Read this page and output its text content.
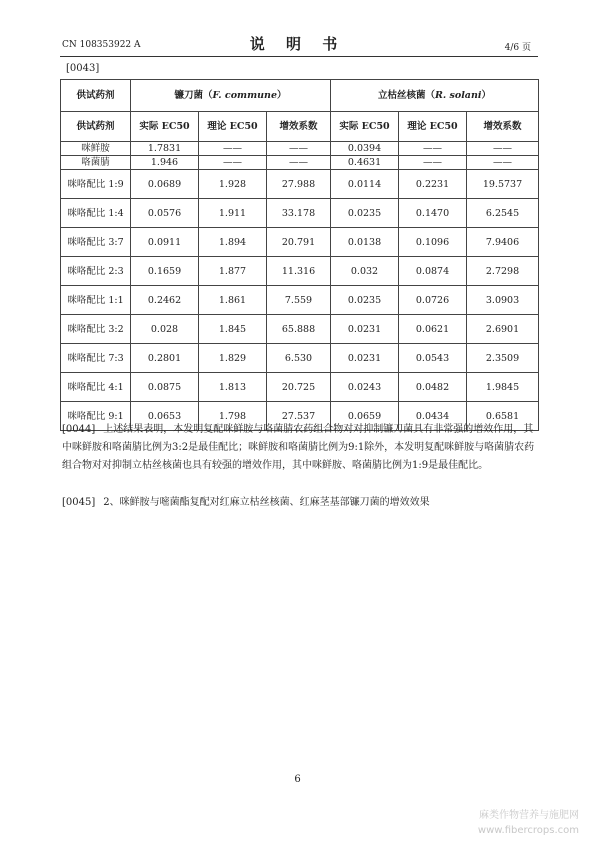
CN 108353922 A	说 明 书	4/6 页
[0043]
供试药剂	镰刀菌（F. commune）			立枯丝核菌（R. solani）		
供试药剂	实际 EC50	理论 EC50	增效系数	实际 EC50	理论 EC50	增效系数
咪鲜胺	1.7831	——	——	0.0394	——	——
咯菌腈	1.946	——	——	0.4631	——	——
咪咯配比 1:9	0.0689	1.928	27.988	0.0114	0.2231	19.5737
咪咯配比 1:4	0.0576	1.911	33.178	0.0235	0.1470	6.2545
咪咯配比 3:7	0.0911	1.894	20.791	0.0138	0.1096	7.9406
咪咯配比 2:3	0.1659	1.877	11.316	0.032	0.0874	2.7298
咪咯配比 1:1	0.2462	1.861	7.559	0.0235	0.0726	3.0903
咪咯配比 3:2	0.028	1.845	65.888	0.0231	0.0621	2.6901
咪咯配比 7:3	0.2801	1.829	6.530	0.0231	0.0543	2.3509
咪咯配比 4:1	0.0875	1.813	20.725	0.0243	0.0482	1.9845
咪咯配比 9:1	0.0653	1.798	27.537	0.0659	0.0434	0.6581
[0044] 上述结果表明，本发明复配咪鲜胺与咯菌腈农药组合物对对抑制镰刀菌具有非常强的增效作用，其中咪鲜胺和咯菌腈比例为3:2是最佳配比；咪鲜胺和咯菌腈比例为9:1除外，本发明复配咪鲜胺与咯菌腈农药组合物对对抑制立枯丝核菌也具有较强的增效作用，其中咪鲜胺、咯菌腈比例为1:9是最佳配比。
[0045] 2、咪鲜胺与嘧菌酯复配对红麻立枯丝核菌、红麻茎基部镰刀菌的增效效果
6
麻类作物营养与施肥网
www.fibercrops.com
